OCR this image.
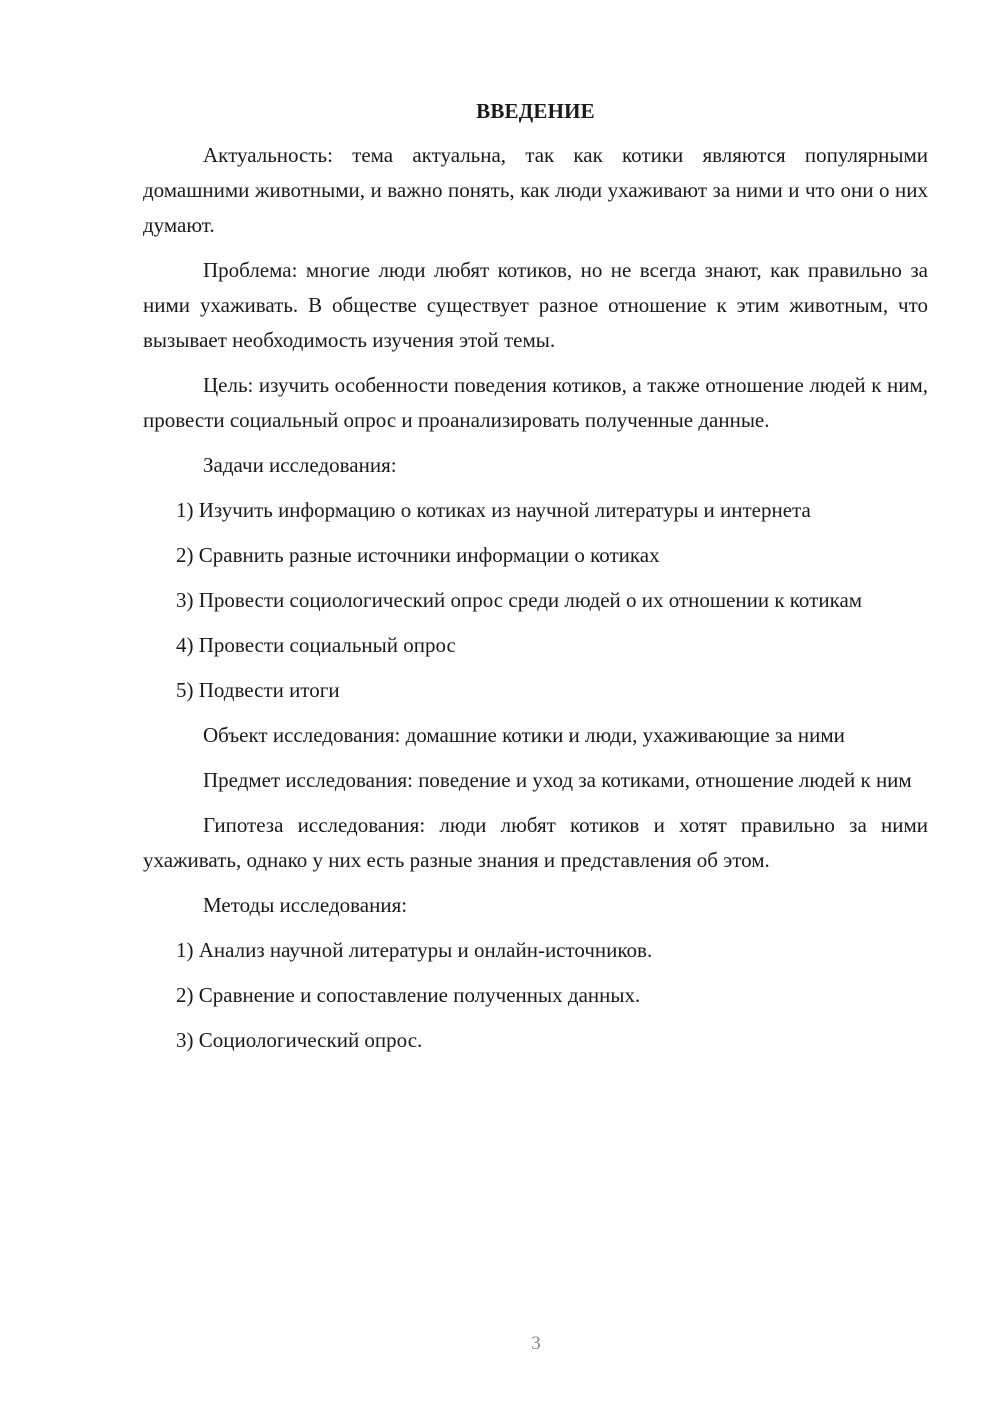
ВВЕДЕНИЕ

Актуальность: тема актуальна, так как котики являются популярными домашними животными, и важно понять, как люди ухаживают за ними и что они о них думают.

Проблема: многие люди любят котиков, но не всегда знают, как правильно за ними ухаживать. В обществе существует разное отношение к этим животным, что вызывает необходимость изучения этой темы.

Цель: изучить особенности поведения котиков, а также отношение людей к ним, провести социальный опрос и проанализировать полученные данные.

Задачи исследования:

1) Изучить информацию о котиках из научной литературы и интернета

2) Сравнить разные источники информации о котиках

3) Провести социологический опрос среди людей о их отношении к котикам

4) Провести социальный опрос

5) Подвести итоги

Объект исследования: домашние котики и люди, ухаживающие за ними

Предмет исследования: поведение и уход за котиками, отношение людей к ним

Гипотеза исследования: люди любят котиков и хотят правильно за ними ухаживать, однако у них есть разные знания и представления об этом.

Методы исследования:

1) Анализ научной литературы и онлайн-источников.

2) Сравнение и сопоставление полученных данных.

3) Социологический опрос.

3
